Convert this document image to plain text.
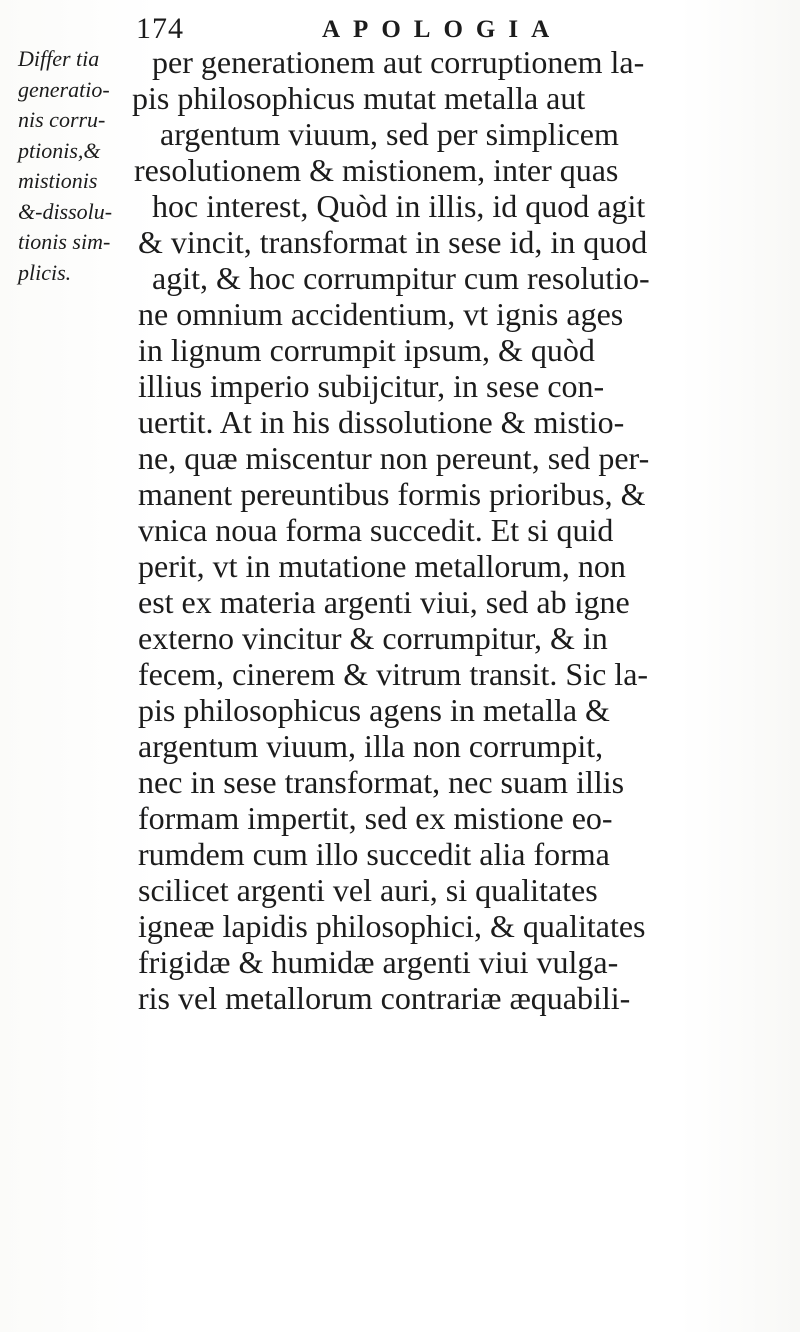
174	APOLOGIA
Differ tia
generatio-
nis corru-
ptionis,&
mistionis
&-dissolu-
tionis sim-
plicis.
per generationem aut corruptionem la-
pis philosophicus mutat metalla aut
argentum viuum, sed per simplicem
resolutionem & mistionem, inter quas
hoc interest, Quòd in illis, id quod agit
& vincit, transformat in sese id, in quod
agit, & hoc corrumpitur cum resolutio-
ne omnium accidentium, vt ignis ages
in lignum corrumpit ipsum, & quòd
illius imperio subijcitur, in sese con-
uertit. At in his dissolutione & mistio-
ne, quæ miscentur non pereunt, sed per-
manent pereuntibus formis prioribus, &
vnica noua forma succedit. Et si quid
perit, vt in mutatione metallorum, non
est ex materia argenti viui, sed ab igne
externo vincitur & corrumpitur, & in
fecem, cinerem & vitrum transit. Sic la-
pis philosophicus agens in metalla &
argentum viuum, illa non corrumpit,
nec in sese transformat, nec suam illis
formam impertit, sed ex mistione eo-
rumdem cum illo succedit alia forma
scilicet argenti vel auri, si qualitates
igneæ lapidis philosophici, & qualitates
frigidæ & humidæ argenti viui vulga-
ris vel metallorum contrariæ æquabili-
